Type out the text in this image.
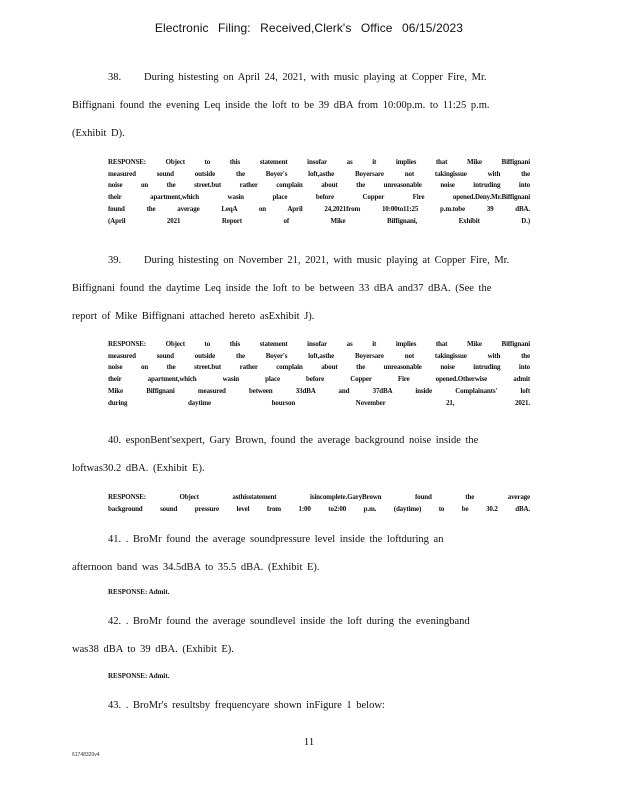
Electronic Filing: Received,Clerk's Office 06/15/2023
38. During histesting on April 24, 2021, with music playing at Copper Fire, Mr.
Biffignani found the evening Leq inside the loft to be 39 dBA from 10:00p.m. to 11:25 p.m.
(Exhibit D).
RESPONSE: Object to this statement insofar as it implies that Mike Biffignani
measured sound outside the Boyer's loft,asthe Boyersare not takingissue with the
noise on the street.but rather complain about the unreasonable noise intruding into
their apartment,which wasin place before Copper Fire opened.Deny.Mr.Biffignani
found the average LeqA on April 24,2021from 10:00to11:25 p.m.tobe 39 dBA.
(April 2021 Report of Mike Biffignani, Exhibit D.)
39. During histesting on November 21, 2021, with music playing at Copper Fire, Mr.
Biffignani found the daytime Leq inside the loft to be between 33 dBA and37 dBA. (See the
report of Mike Biffignani attached hereto asExhibit J).
RESPONSE: Object to this statement insofar as it implies that Mike Biffignani
measured sound outside the Boyer's loft,asthe Boyersare not takingissue with the
noise on the street.but rather complain about the unreasonable noise intruding into
their apartment,which wasin place before Copper Fire opened.Otherwise admit
Mike Biffignani measured between 33dBA and 37dBA inside Complainants' loft
during daytime hourson November 21, 2021.
40. esponBent'sexpert, Gary Brown, found the average background noise inside the
loftwas30.2 dBA. (Exhibit E).
RESPONSE: Object asthisstatement isincomplete.GaryBrown found the average
background sound pressure level from 1:00 to2:00 p.m. (daytime) to be 30.2 dBA.
41. . BroMr found the average soundpressure level inside the loftduring an
afternoon band was 34.5dBA to 35.5 dBA. (Exhibit E).
RESPONSE: Admit.
42. . BroMr found the average soundlevel inside the loft during the eveningband
was38 dBA to 39 dBA. (Exhibit E).
RESPONSE: Admit.
43. . BroMr's resultsby frequencyare shown inFigure 1 below:
11
61748320v4
